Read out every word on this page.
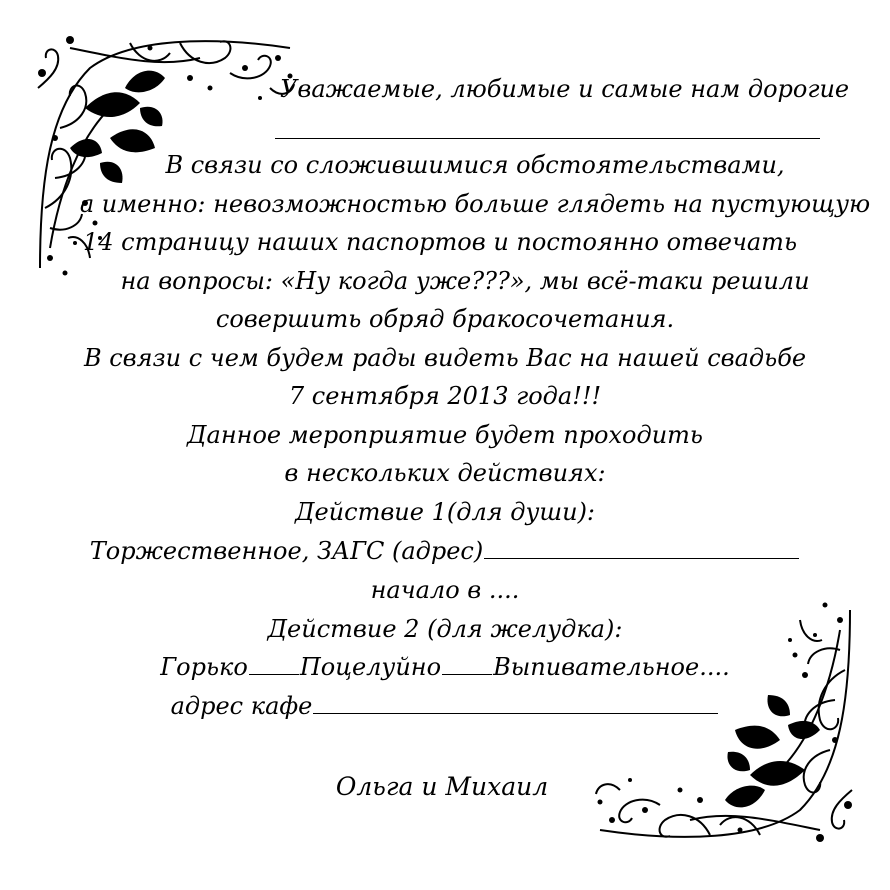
Уважаемые, любимые и самые нам дорогие
В связи со сложившимися обстоятельствами,
а именно: невозможностью больше глядеть на пустующую
14 страницу наших паспортов и постоянно отвечать
на вопросы: «Ну когда уже???», мы всё-таки решили
совершить обряд бракосочетания.
В связи с чем будем рады видеть Вас на нашей свадьбе
7 сентября 2013 года!!!
Данное мероприятие будет проходить
в нескольких действиях:
Действие 1(для души):
Торжественное, ЗАГС (адрес)
начало в ....
Действие 2 (для желудка):
Горько Поцелуйно Выпивательное....
адрес кафе
Ольга и Михаил
